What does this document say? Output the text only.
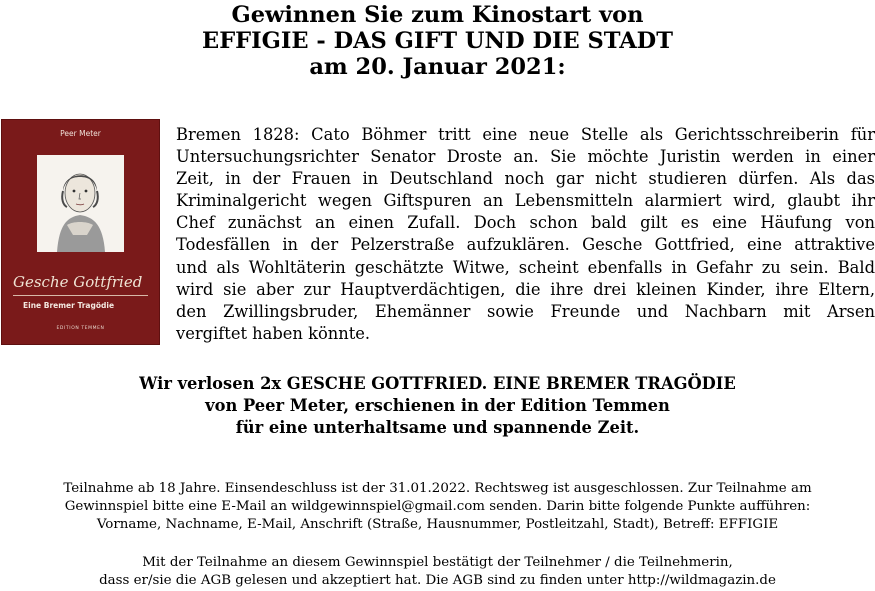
Gewinnen Sie zum Kinostart von
EFFIGIE - DAS GIFT UND DIE STADT
am 20. Januar 2021:
Peer Meter
Gesche Gottfried
Eine Bremer Tragödie
EDITION TEMMEN
Bremen 1828: Cato Böhmer tritt eine neue Stelle als Gerichtsschreiberin für
Untersuchungsrichter Senator Droste an. Sie möchte Juristin werden in einer
Zeit, in der Frauen in Deutschland noch gar nicht studieren dürfen. Als das
Kriminalgericht wegen Giftspuren an Lebensmitteln alarmiert wird, glaubt ihr
Chef zunächst an einen Zufall. Doch schon bald gilt es eine Häufung von
Todesfällen in der Pelzerstraße aufzuklären. Gesche Gottfried, eine attraktive
und als Wohltäterin geschätzte Witwe, scheint ebenfalls in Gefahr zu sein. Bald
wird sie aber zur Hauptverdächtigen, die ihre drei kleinen Kinder, ihre Eltern,
den Zwillingsbruder, Ehemänner sowie Freunde und Nachbarn mit Arsen
vergiftet haben könnte.
Wir verlosen 2x GESCHE GOTTFRIED. EINE BREMER TRAGÖDIE
von Peer Meter, erschienen in der Edition Temmen
für eine unterhaltsame und spannende Zeit.
Teilnahme ab 18 Jahre. Einsendeschluss ist der 31.01.2022. Rechtsweg ist ausgeschlossen. Zur Teilnahme am
Gewinnspiel bitte eine E-Mail an wildgewinnspiel@gmail.com senden. Darin bitte folgende Punkte aufführen:
Vorname, Nachname, E-Mail, Anschrift (Straße, Hausnummer, Postleitzahl, Stadt), Betreff: EFFIGIE
Mit der Teilnahme an diesem Gewinnspiel bestätigt der Teilnehmer / die Teilnehmerin,
dass er/sie die AGB gelesen und akzeptiert hat. Die AGB sind zu finden unter http://wildmagazin.de
